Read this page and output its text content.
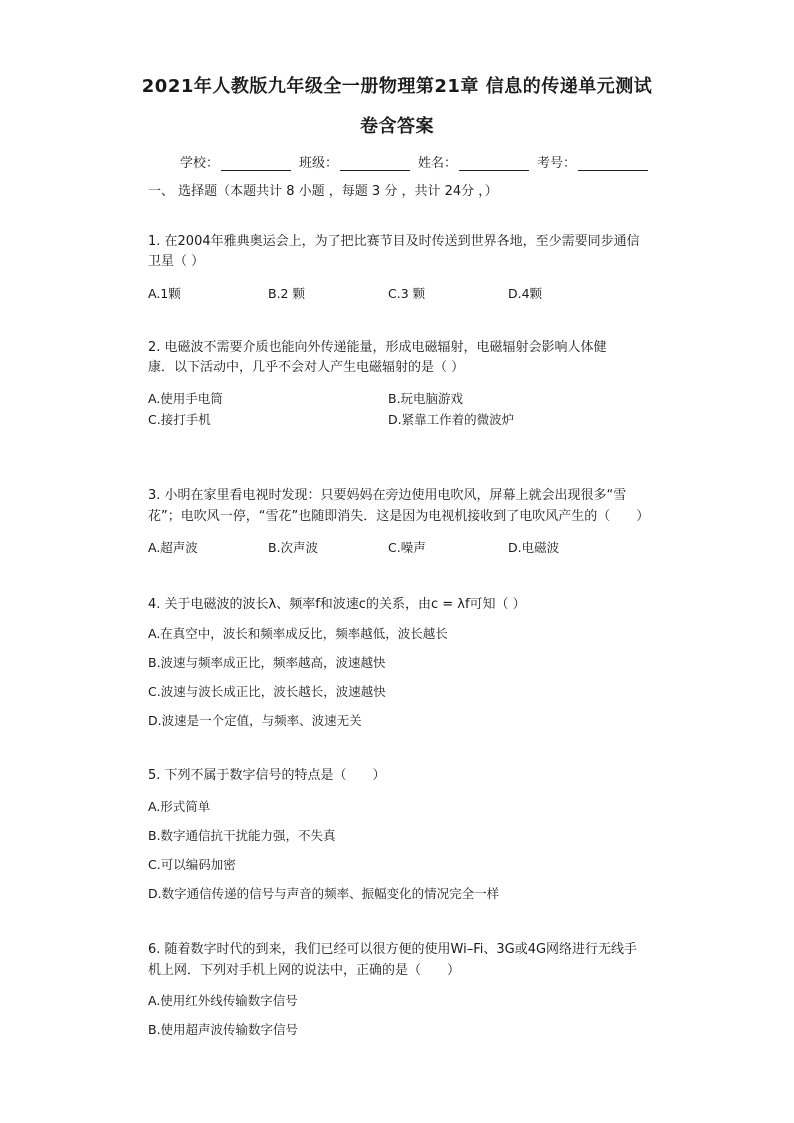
2021年人教版九年级全一册物理第21章 信息的传递单元测试
卷含答案
学校：	班级：	姓名：	考号：
一、 选择题（本题共计 8 小题 ，每题 3 分 ，共计 24分 ，）
1. 在2004年雅典奥运会上，为了把比赛节目及时传送到世界各地，至少需要同步通信
卫星（ ）
A.1颗	B.2 颗	C.3 颗	D.4颗
2. 电磁波不需要介质也能向外传递能量，形成电磁辐射，电磁辐射会影响人体健
康．以下活动中，几乎不会对人产生电磁辐射的是（ ）
A.使用手电筒	B.玩电脑游戏
C.接打手机	D.紧靠工作着的微波炉
3. 小明在家里看电视时发现：只要妈妈在旁边使用电吹风，屏幕上就会出现很多“雪
花”；电吹风一停，“雪花”也随即消失．这是因为电视机接收到了电吹风产生的（　　）
A.超声波	B.次声波	C.噪声	D.电磁波
4. 关于电磁波的波长λ、频率f和波速c的关系，由c = λf可知（ ）
A.在真空中，波长和频率成反比，频率越低，波长越长
B.波速与频率成正比，频率越高，波速越快
C.波速与波长成正比，波长越长，波速越快
D.波速是一个定值，与频率、波速无关
5. 下列不属于数字信号的特点是（　　）
A.形式简单
B.数字通信抗干扰能力强，不失真
C.可以编码加密
D.数字通信传递的信号与声音的频率、振幅变化的情况完全一样
6. 随着数字时代的到来，我们已经可以很方便的使用Wi–Fi、3G或4G网络进行无线手
机上网．下列对手机上网的说法中，正确的是（　　）
A.使用红外线传输数字信号
B.使用超声波传输数字信号
